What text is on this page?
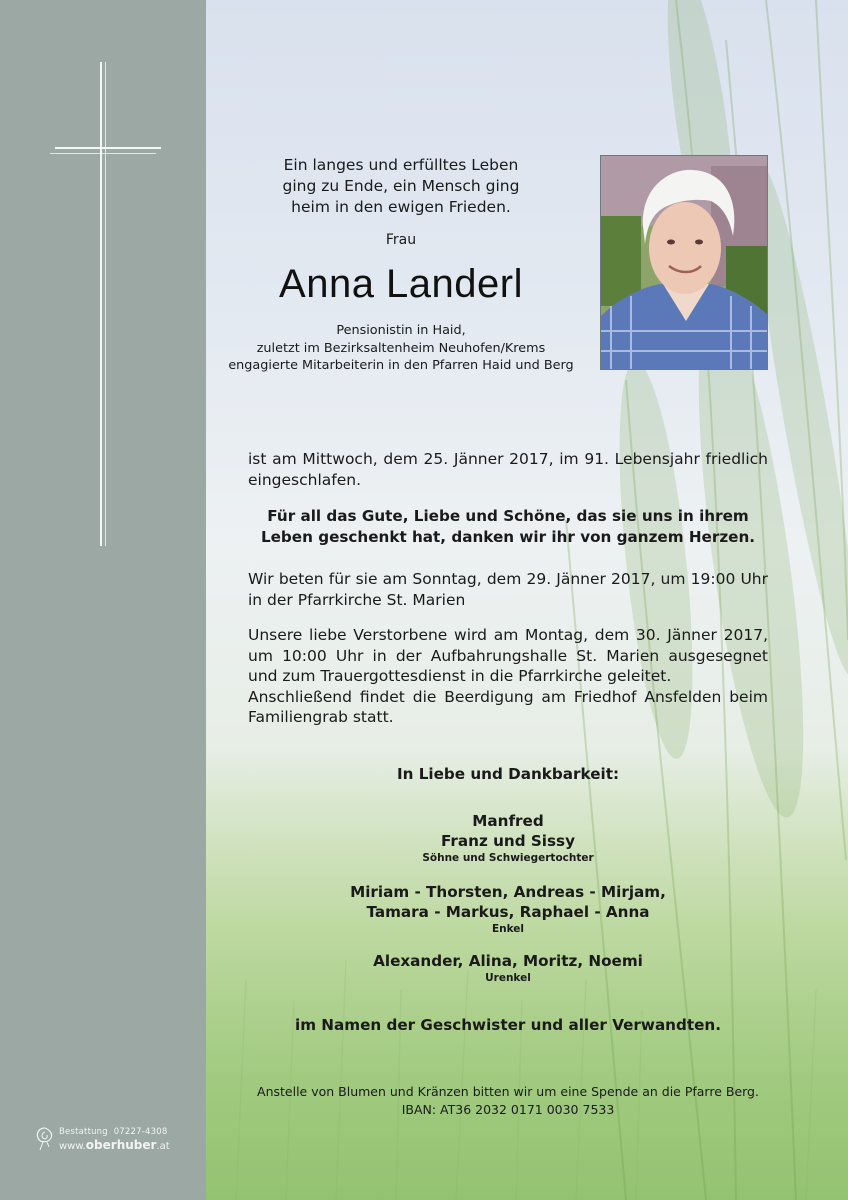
Bestattung 07227-4308
www.oberhuber.at
Ein langes und erfülltes Leben
ging zu Ende, ein Mensch ging
heim in den ewigen Frieden.
Frau
Anna Landerl
Pensionistin in Haid,
zuletzt im Bezirksaltenheim Neuhofen/Krems
engagierte Mitarbeiterin in den Pfarren Haid und Berg
ist am Mittwoch, dem 25. Jänner 2017, im 91. Lebensjahr friedlich eingeschlafen.
Für all das Gute, Liebe und Schöne, das sie uns in ihrem
Leben geschenkt hat, danken wir ihr von ganzem Herzen.
Wir beten für sie am Sonntag, dem 29. Jänner 2017, um 19:00 Uhr in der Pfarrkirche St. Marien
Unsere liebe Verstorbene wird am Montag, dem 30. Jänner 2017, um 10:00 Uhr in der Aufbahrungshalle St. Marien ausgesegnet und zum Trauergottesdienst in die Pfarrkirche geleitet.
Anschließend findet die Beerdigung am Friedhof Ansfelden beim Familiengrab statt.
In Liebe und Dankbarkeit:
Manfred
Franz und Sissy
Söhne und Schwiegertochter
Miriam - Thorsten, Andreas - Mirjam,
Tamara - Markus, Raphael - Anna
Enkel
Alexander, Alina, Moritz, Noemi
Urenkel
im Namen der Geschwister und aller Verwandten.
Anstelle von Blumen und Kränzen bitten wir um eine Spende an die Pfarre Berg.
IBAN: AT36 2032 0171 0030 7533
